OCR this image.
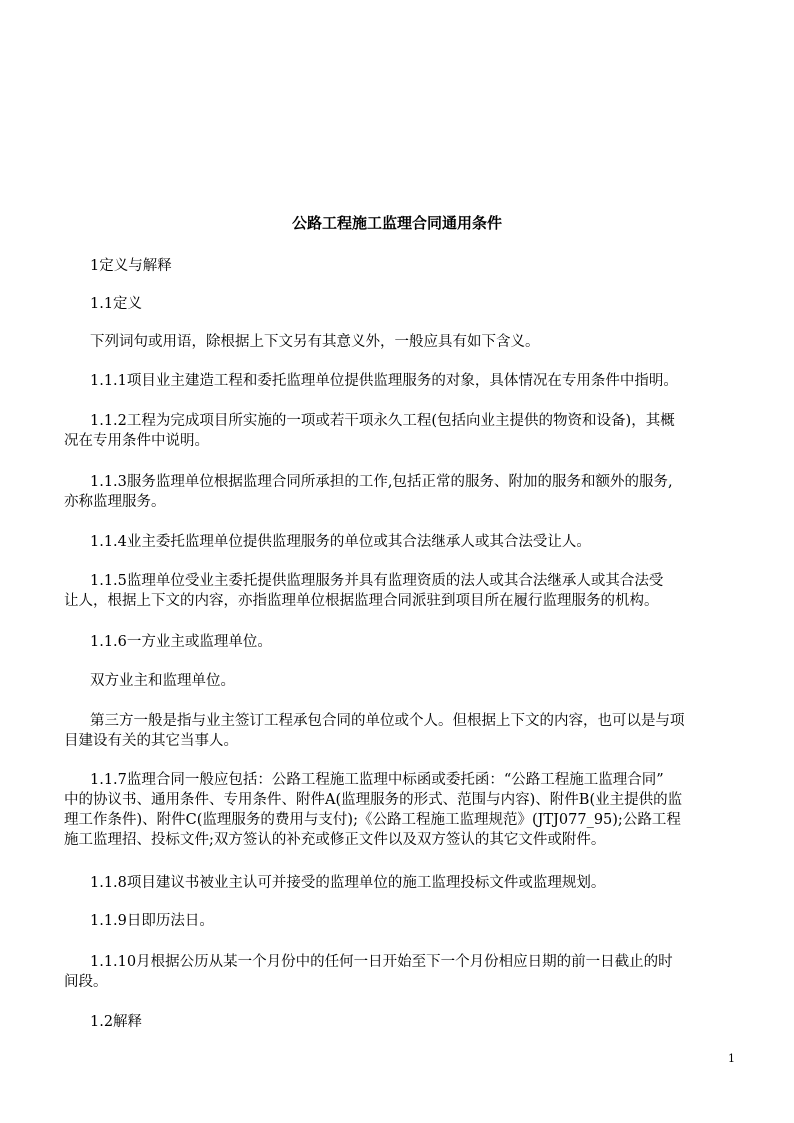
公路工程施工监理合同通用条件
1定义与解释
1.1定义
下列词句或用语，除根据上下文另有其意义外，一般应具有如下含义。
1.1.1项目业主建造工程和委托监理单位提供监理服务的对象，具体情况在专用条件中指明。
1.1.2工程为完成项目所实施的一项或若干项永久工程(包括向业主提供的物资和设备)，其概
况在专用条件中说明。
1.1.3服务监理单位根据监理合同所承担的工作,包括正常的服务、附加的服务和额外的服务,
亦称监理服务。
1.1.4业主委托监理单位提供监理服务的单位或其合法继承人或其合法受让人。
1.1.5监理单位受业主委托提供监理服务并具有监理资质的法人或其合法继承人或其合法受
让人，根据上下文的内容，亦指监理单位根据监理合同派驻到项目所在履行监理服务的机构。
1.1.6一方业主或监理单位。
双方业主和监理单位。
第三方一般是指与业主签订工程承包合同的单位或个人。但根据上下文的内容，也可以是与项
目建设有关的其它当事人。
1.1.7监理合同一般应包括：公路工程施工监理中标函或委托函：“公路工程施工监理合同”
中的协议书、通用条件、专用条件、附件A(监理服务的形式、范围与内容)、附件B(业主提供的监
理工作条件)、附件C(监理服务的费用与支付);《公路工程施工监理规范》(JTJ077_95);公路工程
施工监理招、投标文件;双方签认的补充或修正文件以及双方签认的其它文件或附件。
1.1.8项目建议书被业主认可并接受的监理单位的施工监理投标文件或监理规划。
1.1.9日即历法日。
1.1.10月根据公历从某一个月份中的任何一日开始至下一个月份相应日期的前一日截止的时
间段。
1.2解释
1
